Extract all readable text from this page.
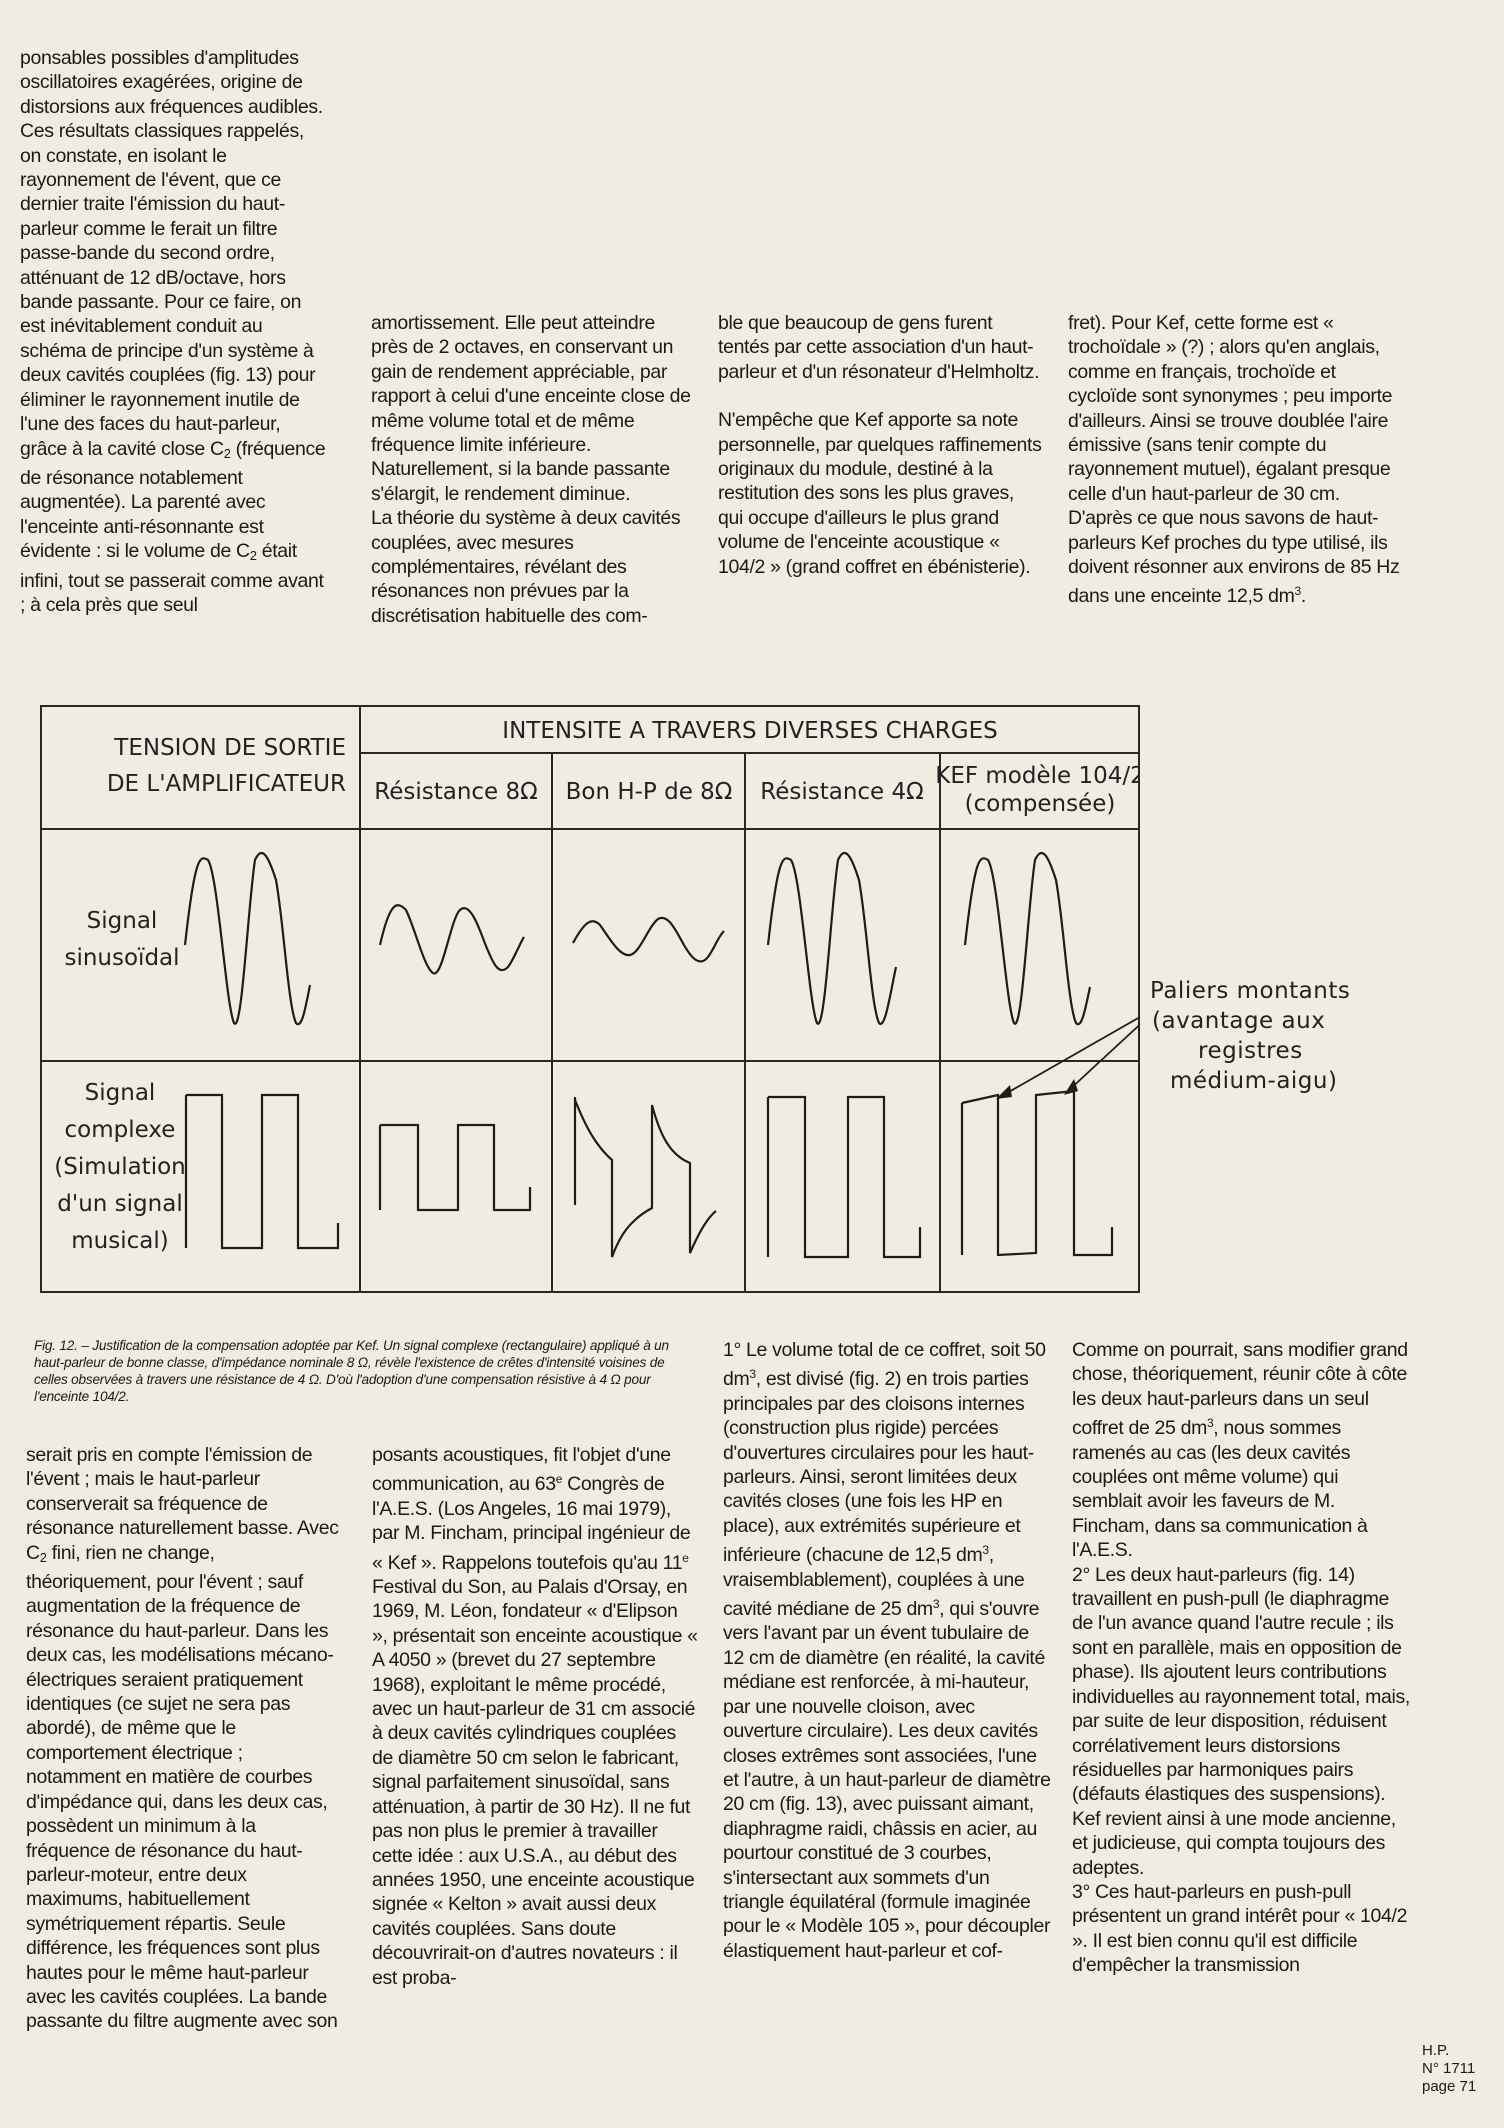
ponsables possibles d'amplitudes oscillatoires exagérées, origine de distorsions aux fréquences audibles.

Ces résultats classiques rappelés, on constate, en isolant le rayonnement de l'évent, que ce dernier traite l'émission du haut-parleur comme le ferait un filtre passe-bande du second ordre, atténuant de 12 dB/octave, hors bande passante. Pour ce faire, on est inévitablement conduit au schéma de principe d'un système à deux cavités couplées (fig. 13) pour éliminer le rayonnement inutile de l'une des faces du haut-parleur, grâce à la cavité close $C_2$ (fréquence de résonance notablement augmentée). La parenté avec l'enceinte anti-résonnante est évidente : si le volume de $C_2$ était infini, tout se passerait comme avant ; à cela près que seul

amortissement. Elle peut atteindre près de 2 octaves, en conservant un gain de rendement appréciable, par rapport à celui d'une enceinte close de même volume total et de même fréquence limite inférieure. Naturellement, si la bande passante s'élargit, le rendement diminue.

La théorie du système à deux cavités couplées, avec mesures complémentaires, révélant des résonances non prévues par la discrétisation habituelle des com-

ble que beaucoup de gens furent tentés par cette association d'un haut-parleur et d'un résonateur d'Helmholtz.

N'empêche que Kef apporte sa note personnelle, par quelques raffinements originaux du module, destiné à la restitution des sons les plus graves, qui occupe d'ailleurs le plus grand volume de l'enceinte acoustique « 104/2 » (grand coffret en ébénisterie).

fret). Pour Kef, cette forme est « trochoïdale » (?) ; alors qu'en anglais, comme en français, trochoïde et cycloïde sont synonymes ; peu importe d'ailleurs. Ainsi se trouve doublée l'aire émissive (sans tenir compte du rayonnement mutuel), égalant presque celle d'un haut-parleur de 30 cm. D'après ce que nous savons de haut-parleurs Kef proches du type utilisé, ils doivent résonner aux environs de 85 Hz dans une enceinte 12,5 $dm^3$.

TENSION DE SORTIE
DE L'AMPLIFICATEUR
INTENSITE A TRAVERS DIVERSES CHARGES
Résistance 8Ω Bon H-P de 8Ω Résistance 4Ω
KEF modèle 104/2
(compensée)
Signal
sinusoïdal
Signal
complexe
(Simulation
d'un signal
musical)
Paliers montants
(avantage aux
registres
médium-aigu)

Fig. 12. – Justification de la compensation adoptée par Kef. Un signal complexe (rectangulaire) appliqué à un haut-parleur de bonne classe, d'impédance nominale 8 Ω, révèle l'existence de crêtes d'intensité voisines de celles observées à travers une résistance de 4 Ω. D'où l'adoption d'une compensation résistive à 4 Ω pour l'enceinte 104/2.

serait pris en compte l'émission de l'évent ; mais le haut-parleur conserverait sa fréquence de résonance naturellement basse. Avec $C_2$ fini, rien ne change, théoriquement, pour l'évent ; sauf augmentation de la fréquence de résonance du haut-parleur. Dans les deux cas, les modélisations mécano-électriques seraient pratiquement identiques (ce sujet ne sera pas abordé), de même que le comportement électrique ; notamment en matière de courbes d'impédance qui, dans les deux cas, possèdent un minimum à la fréquence de résonance du haut-parleur-moteur, entre deux maximums, habituellement symétriquement répartis. Seule différence, les fréquences sont plus hautes pour le même haut-parleur avec les cavités couplées. La bande passante du filtre augmente avec son

posants acoustiques, fit l'objet d'une communication, au 63e Congrès de l'A.E.S. (Los Angeles, 16 mai 1979), par M. Fincham, principal ingénieur de « Kef ». Rappelons toutefois qu'au 11e Festival du Son, au Palais d'Orsay, en 1969, M. Léon, fondateur « d'Elipson », présentait son enceinte acoustique « A 4050 » (brevet du 27 septembre 1968), exploitant le même procédé, avec un haut-parleur de 31 cm associé à deux cavités cylindriques couplées de diamètre 50 cm selon le fabricant, signal parfaitement sinusoïdal, sans atténuation, à partir de 30 Hz). Il ne fut pas non plus le premier à travailler cette idée : aux U.S.A., au début des années 1950, une enceinte acoustique signée « Kelton » avait aussi deux cavités couplées. Sans doute découvrirait-on d'autres novateurs : il est proba-

1° Le volume total de ce coffret, soit 50 $dm^3$, est divisé (fig. 2) en trois parties principales par des cloisons internes (construction plus rigide) percées d'ouvertures circulaires pour les haut-parleurs. Ainsi, seront limitées deux cavités closes (une fois les HP en place), aux extrémités supérieure et inférieure (chacune de 12,5 $dm^3$, vraisemblablement), couplées à une cavité médiane de 25 $dm^3$, qui s'ouvre vers l'avant par un évent tubulaire de 12 cm de diamètre (en réalité, la cavité médiane est renforcée, à mi-hauteur, par une nouvelle cloison, avec ouverture circulaire). Les deux cavités closes extrêmes sont associées, l'une et l'autre, à un haut-parleur de diamètre 20 cm (fig. 13), avec puissant aimant, diaphragme raidi, châssis en acier, au pourtour constitué de 3 courbes, s'intersectant aux sommets d'un triangle équilatéral (formule imaginée pour le « Modèle 105 », pour découpler élastiquement haut-parleur et cof-

Comme on pourrait, sans modifier grand chose, théoriquement, réunir côte à côte les deux haut-parleurs dans un seul coffret de 25 $dm^3$, nous sommes ramenés au cas (les deux cavités couplées ont même volume) qui semblait avoir les faveurs de M. Fincham, dans sa communication à l'A.E.S.

2° Les deux haut-parleurs (fig. 14) travaillent en push-pull (le diaphragme de l'un avance quand l'autre recule ; ils sont en parallèle, mais en opposition de phase). Ils ajoutent leurs contributions individuelles au rayonnement total, mais, par suite de leur disposition, réduisent corrélativement leurs distorsions résiduelles par harmoniques pairs (défauts élastiques des suspensions). Kef revient ainsi à une mode ancienne, et judicieuse, qui compta toujours des adeptes.

3° Ces haut-parleurs en push-pull présentent un grand intérêt pour « 104/2 ». Il est bien connu qu'il est difficile d'empêcher la transmission

H.P.
N° 1711
page 71
